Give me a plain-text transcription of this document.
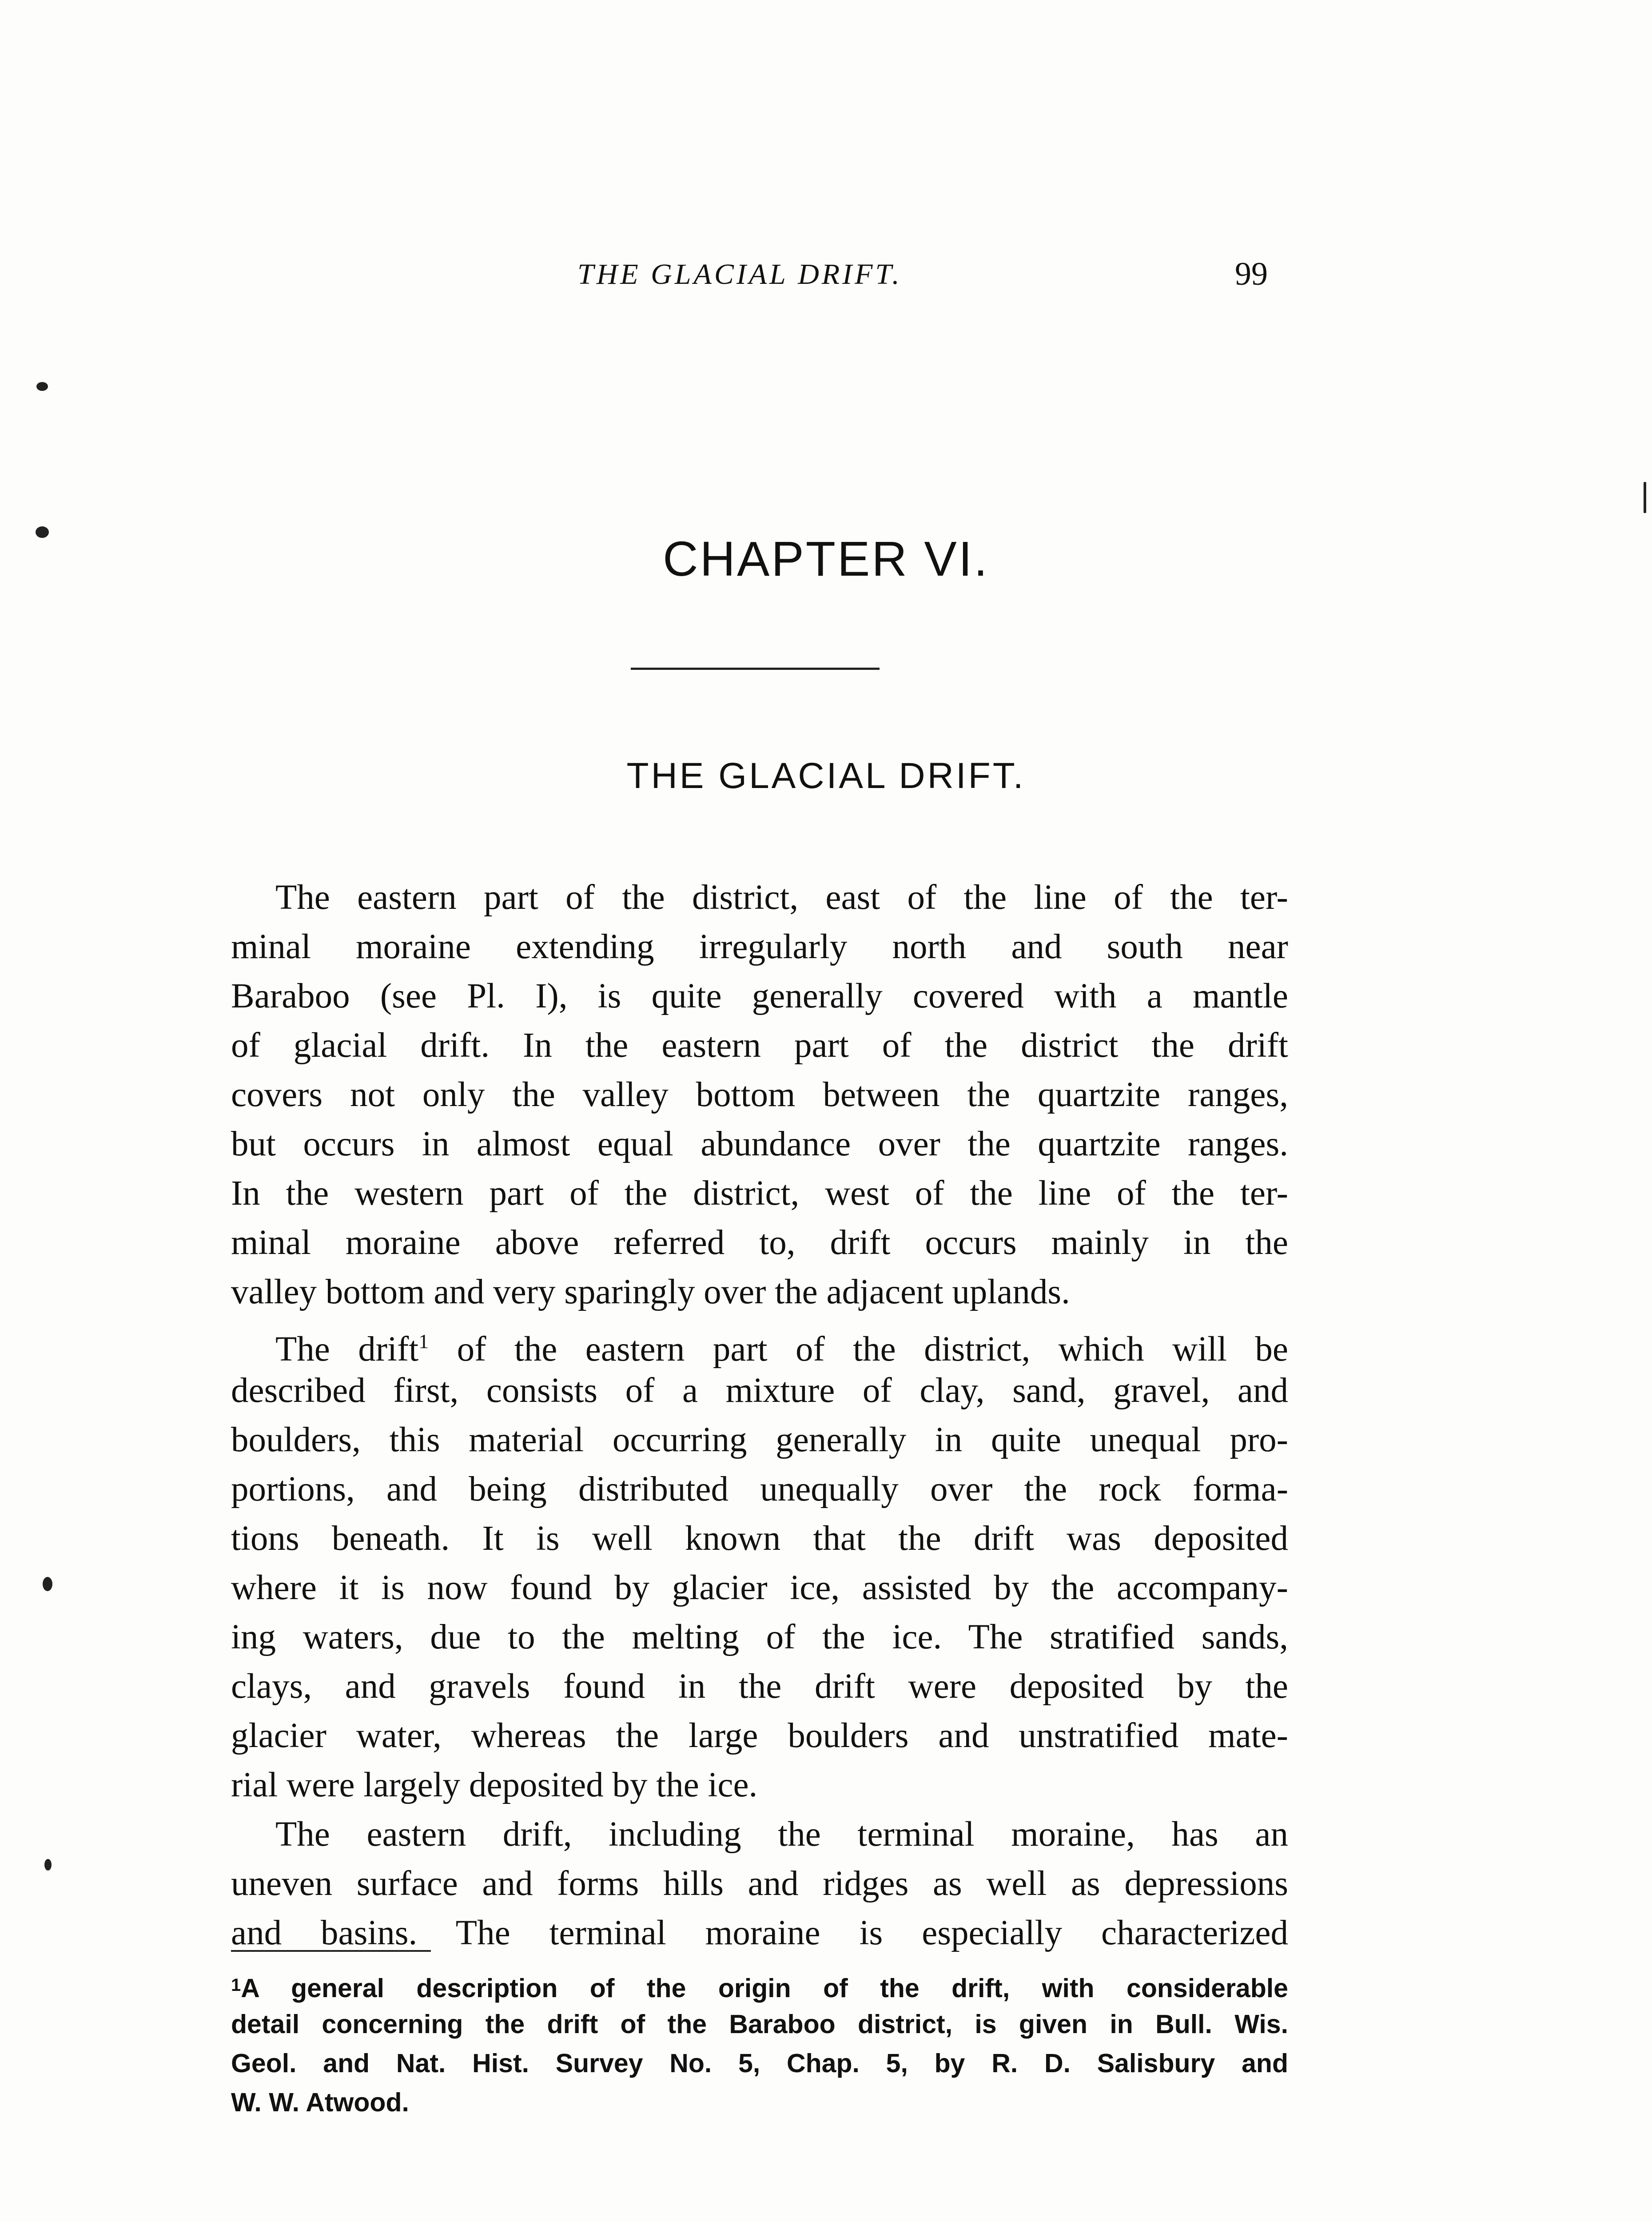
THE GLACIAL DRIFT.	99
CHAPTER VI.
THE GLACIAL DRIFT.
The eastern part of the district, east of the line of the ter-
minal moraine extending irregularly north and south near
Baraboo (see Pl. I), is quite generally covered with a mantle
of glacial drift. In the eastern part of the district the drift
covers not only the valley bottom between the quartzite ranges,
but occurs in almost equal abundance over the quartzite ranges.
In the western part of the district, west of the line of the ter-
minal moraine above referred to, drift occurs mainly in the
valley bottom and very sparingly over the adjacent uplands.
The drift$^1$ of the eastern part of the district, which will be
described first, consists of a mixture of clay, sand, gravel, and
boulders, this material occurring generally in quite unequal pro-
portions, and being distributed unequally over the rock forma-
tions beneath. It is well known that the drift was deposited
where it is now found by glacier ice, assisted by the accompany-
ing waters, due to the melting of the ice. The stratified sands,
clays, and gravels found in the drift were deposited by the
glacier water, whereas the large boulders and unstratified mate-
rial were largely deposited by the ice.
The eastern drift, including the terminal moraine, has an
uneven surface and forms hills and ridges as well as depressions
and basins. The terminal moraine is especially characterized
$^1$A general description of the origin of the drift, with considerable
detail concerning the drift of the Baraboo district, is given in Bull. Wis.
Geol. and Nat. Hist. Survey No. 5, Chap. 5, by R. D. Salisbury and
W. W. Atwood.
